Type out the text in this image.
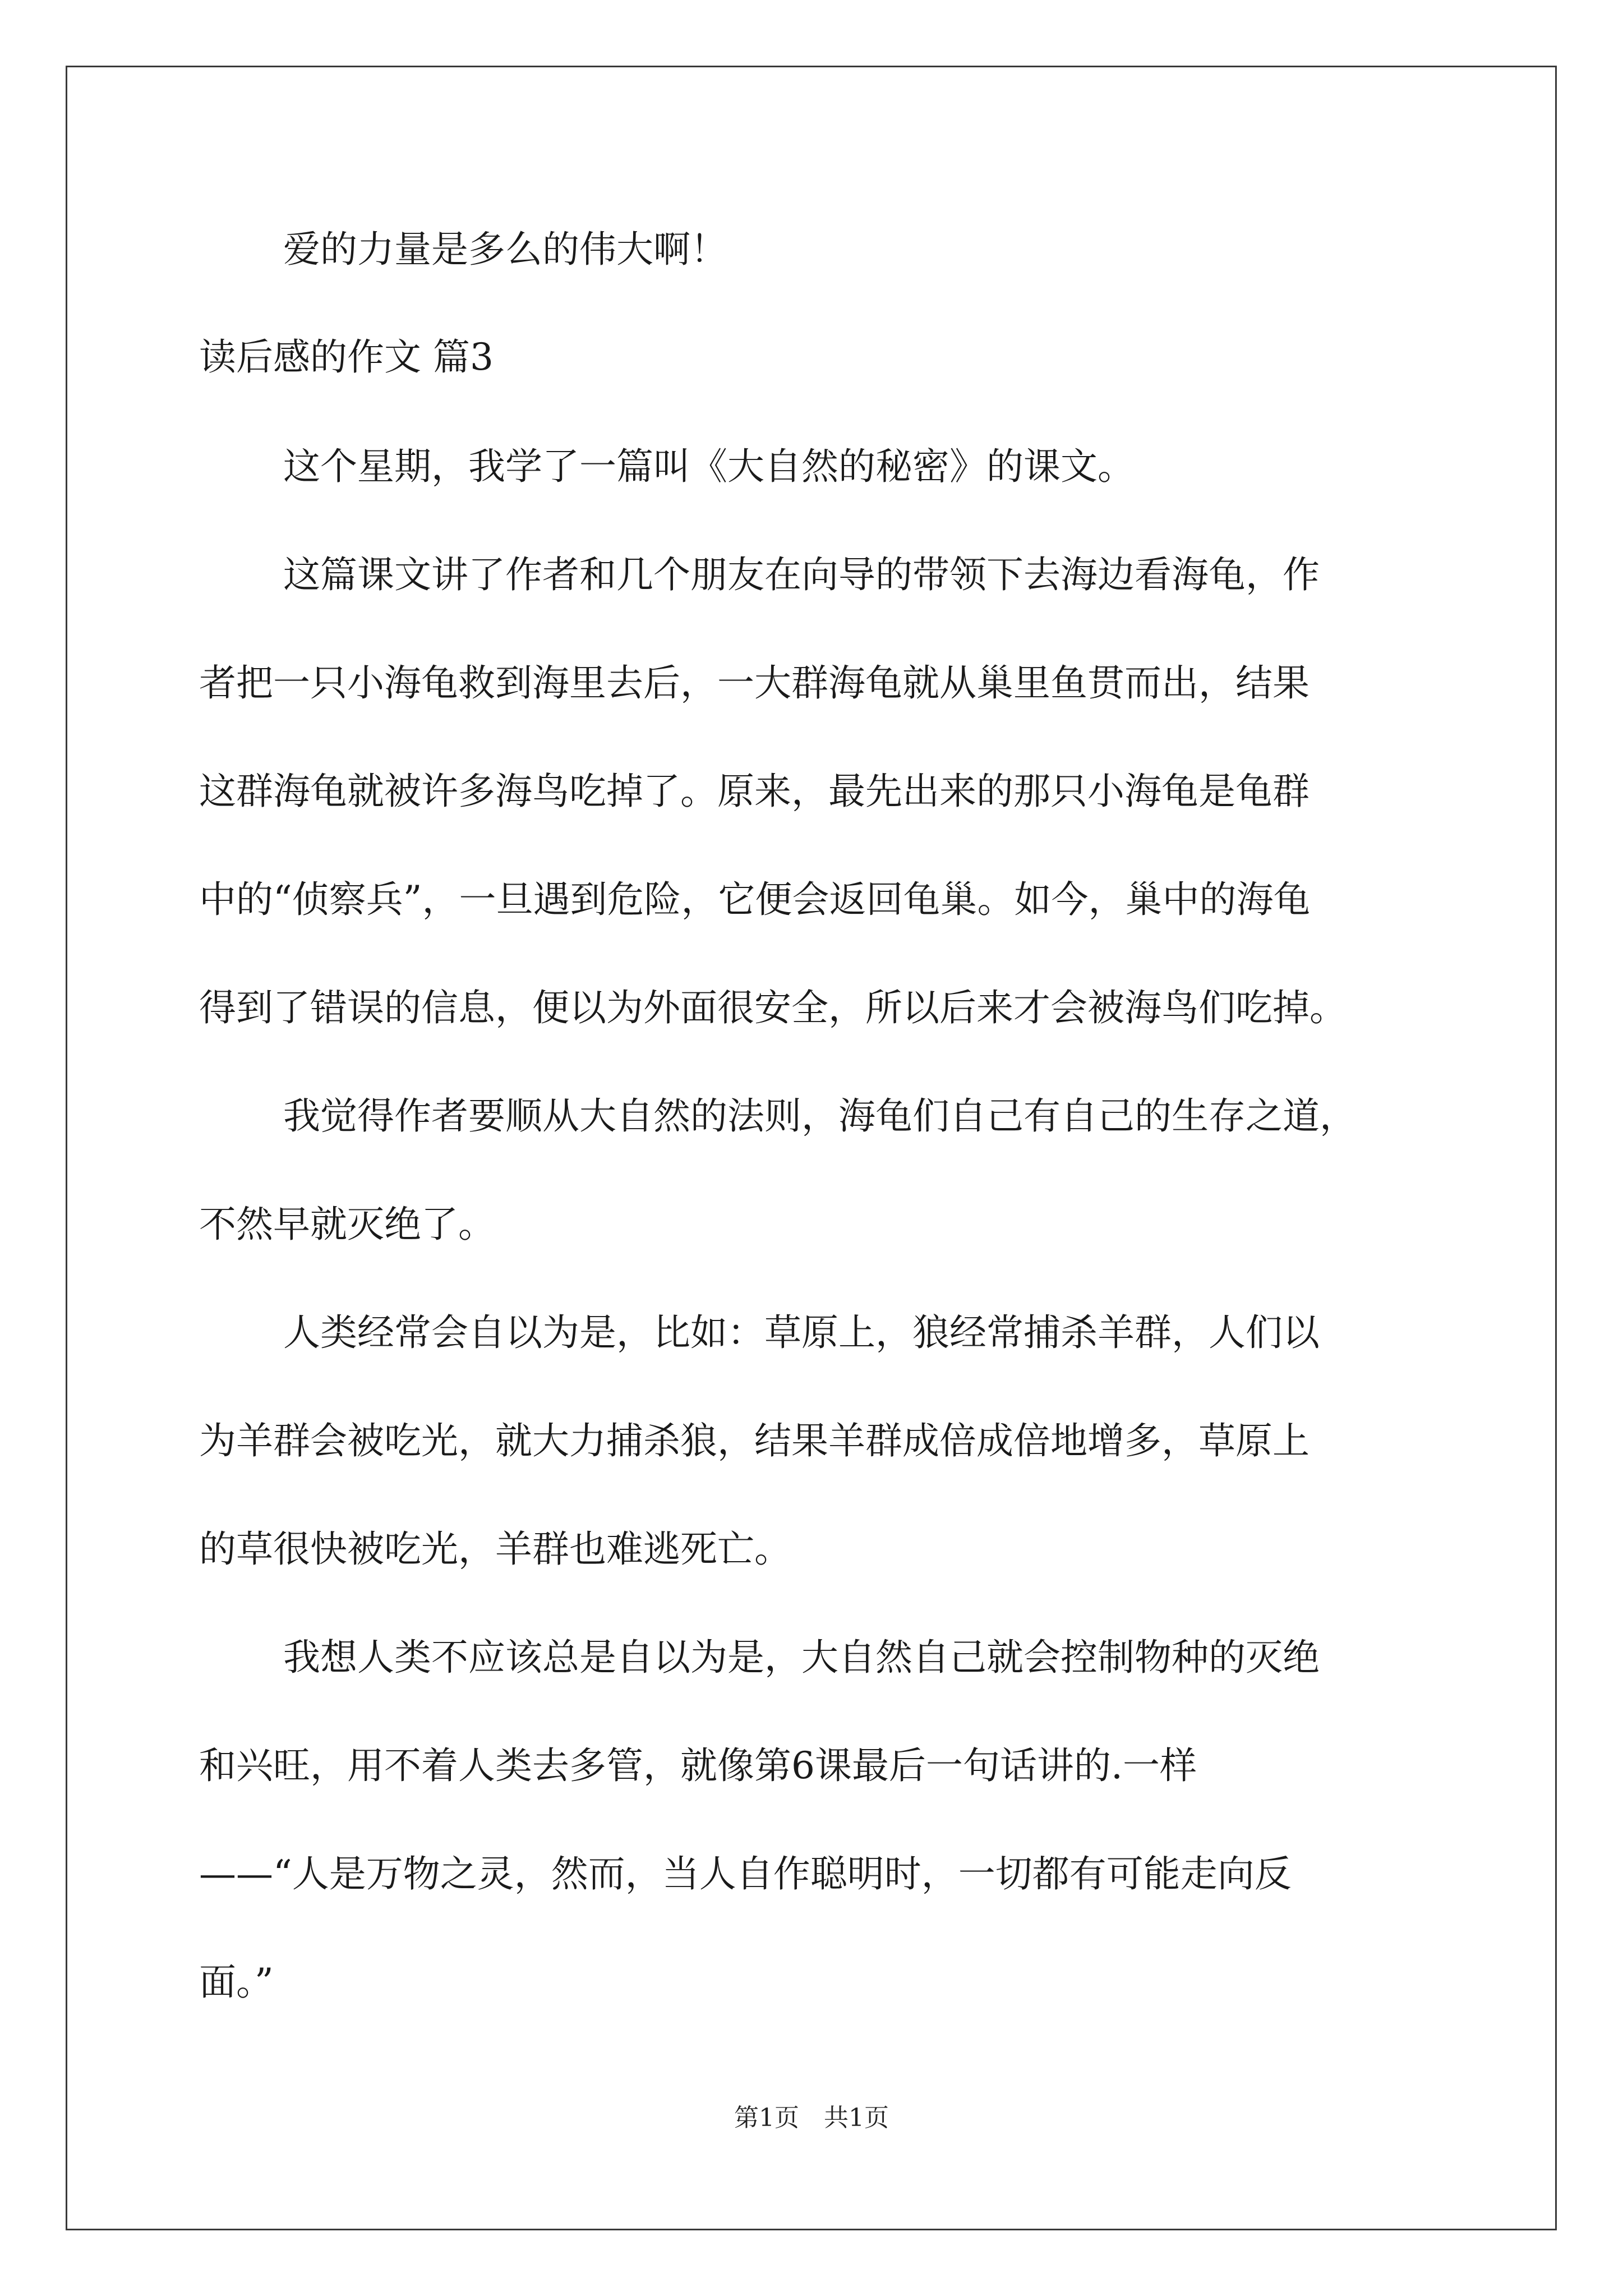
爱的力量是多么的伟大啊！
读后感的作文 篇3
这个星期，我学了一篇叫《大自然的秘密》的课文。
这篇课文讲了作者和几个朋友在向导的带领下去海边看海龟，作
者把一只小海龟救到海里去后，一大群海龟就从巢里鱼贯而出，结果
这群海龟就被许多海鸟吃掉了。原来，最先出来的那只小海龟是龟群
中的“侦察兵”，一旦遇到危险，它便会返回龟巢。如今，巢中的海龟
得到了错误的信息，便以为外面很安全，所以后来才会被海鸟们吃掉。
我觉得作者要顺从大自然的法则，海龟们自己有自己的生存之道，
不然早就灭绝了。
人类经常会自以为是，比如：草原上，狼经常捕杀羊群，人们以
为羊群会被吃光，就大力捕杀狼，结果羊群成倍成倍地增多，草原上
的草很快被吃光，羊群也难逃死亡。
我想人类不应该总是自以为是，大自然自己就会控制物种的灭绝
和兴旺，用不着人类去多管，就像第6课最后一句话讲的.一样
——“人是万物之灵，然而，当人自作聪明时，一切都有可能走向反
面。”
第1页　共1页
